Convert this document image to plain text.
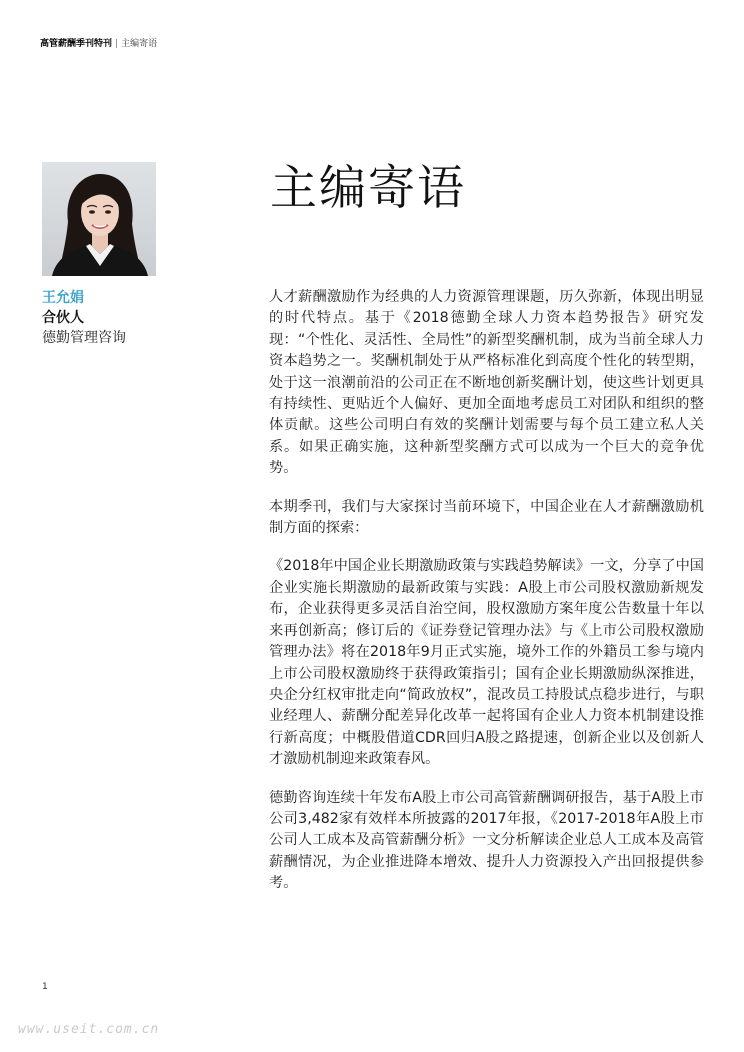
高管薪酬季刊特刊 | 主编寄语
王允娟
合伙人
德勤管理咨询
主编寄语

人才薪酬激励作为经典的人力资源管理课题，历久弥新，体现出明显的时代特点。基于《2018德勤全球人力资本趋势报告》研究发现：“个性化、灵活性、全局性”的新型奖酬机制，成为当前全球人力资本趋势之一。奖酬机制处于从严格标准化到高度个性化的转型期，处于这一浪潮前沿的公司正在不断地创新奖酬计划，使这些计划更具有持续性、更贴近个人偏好、更加全面地考虑员工对团队和组织的整体贡献。这些公司明白有效的奖酬计划需要与每个员工建立私人关系。如果正确实施，这种新型奖酬方式可以成为一个巨大的竞争优势。

本期季刊，我们与大家探讨当前环境下，中国企业在人才薪酬激励机制方面的探索：

《2018年中国企业长期激励政策与实践趋势解读》一文，分享了中国企业实施长期激励的最新政策与实践：A股上市公司股权激励新规发布，企业获得更多灵活自治空间，股权激励方案年度公告数量十年以来再创新高；修订后的《证券登记管理办法》与《上市公司股权激励管理办法》将在2018年9月正式实施，境外工作的外籍员工参与境内上市公司股权激励终于获得政策指引；国有企业长期激励纵深推进，央企分红权审批走向“简政放权”，混改员工持股试点稳步进行，与职业经理人、薪酬分配差异化改革一起将国有企业人力资本机制建设推行新高度；中概股借道CDR回归A股之路提速，创新企业以及创新人才激励机制迎来政策春风。

德勤咨询连续十年发布A股上市公司高管薪酬调研报告，基于A股上市公司3,482家有效样本所披露的2017年报，《2017-2018年A股上市公司人工成本及高管薪酬分析》一文分析解读企业总人工成本及高管薪酬情况，为企业推进降本增效、提升人力资源投入产出回报提供参考。

1
www.useit.com.cn
